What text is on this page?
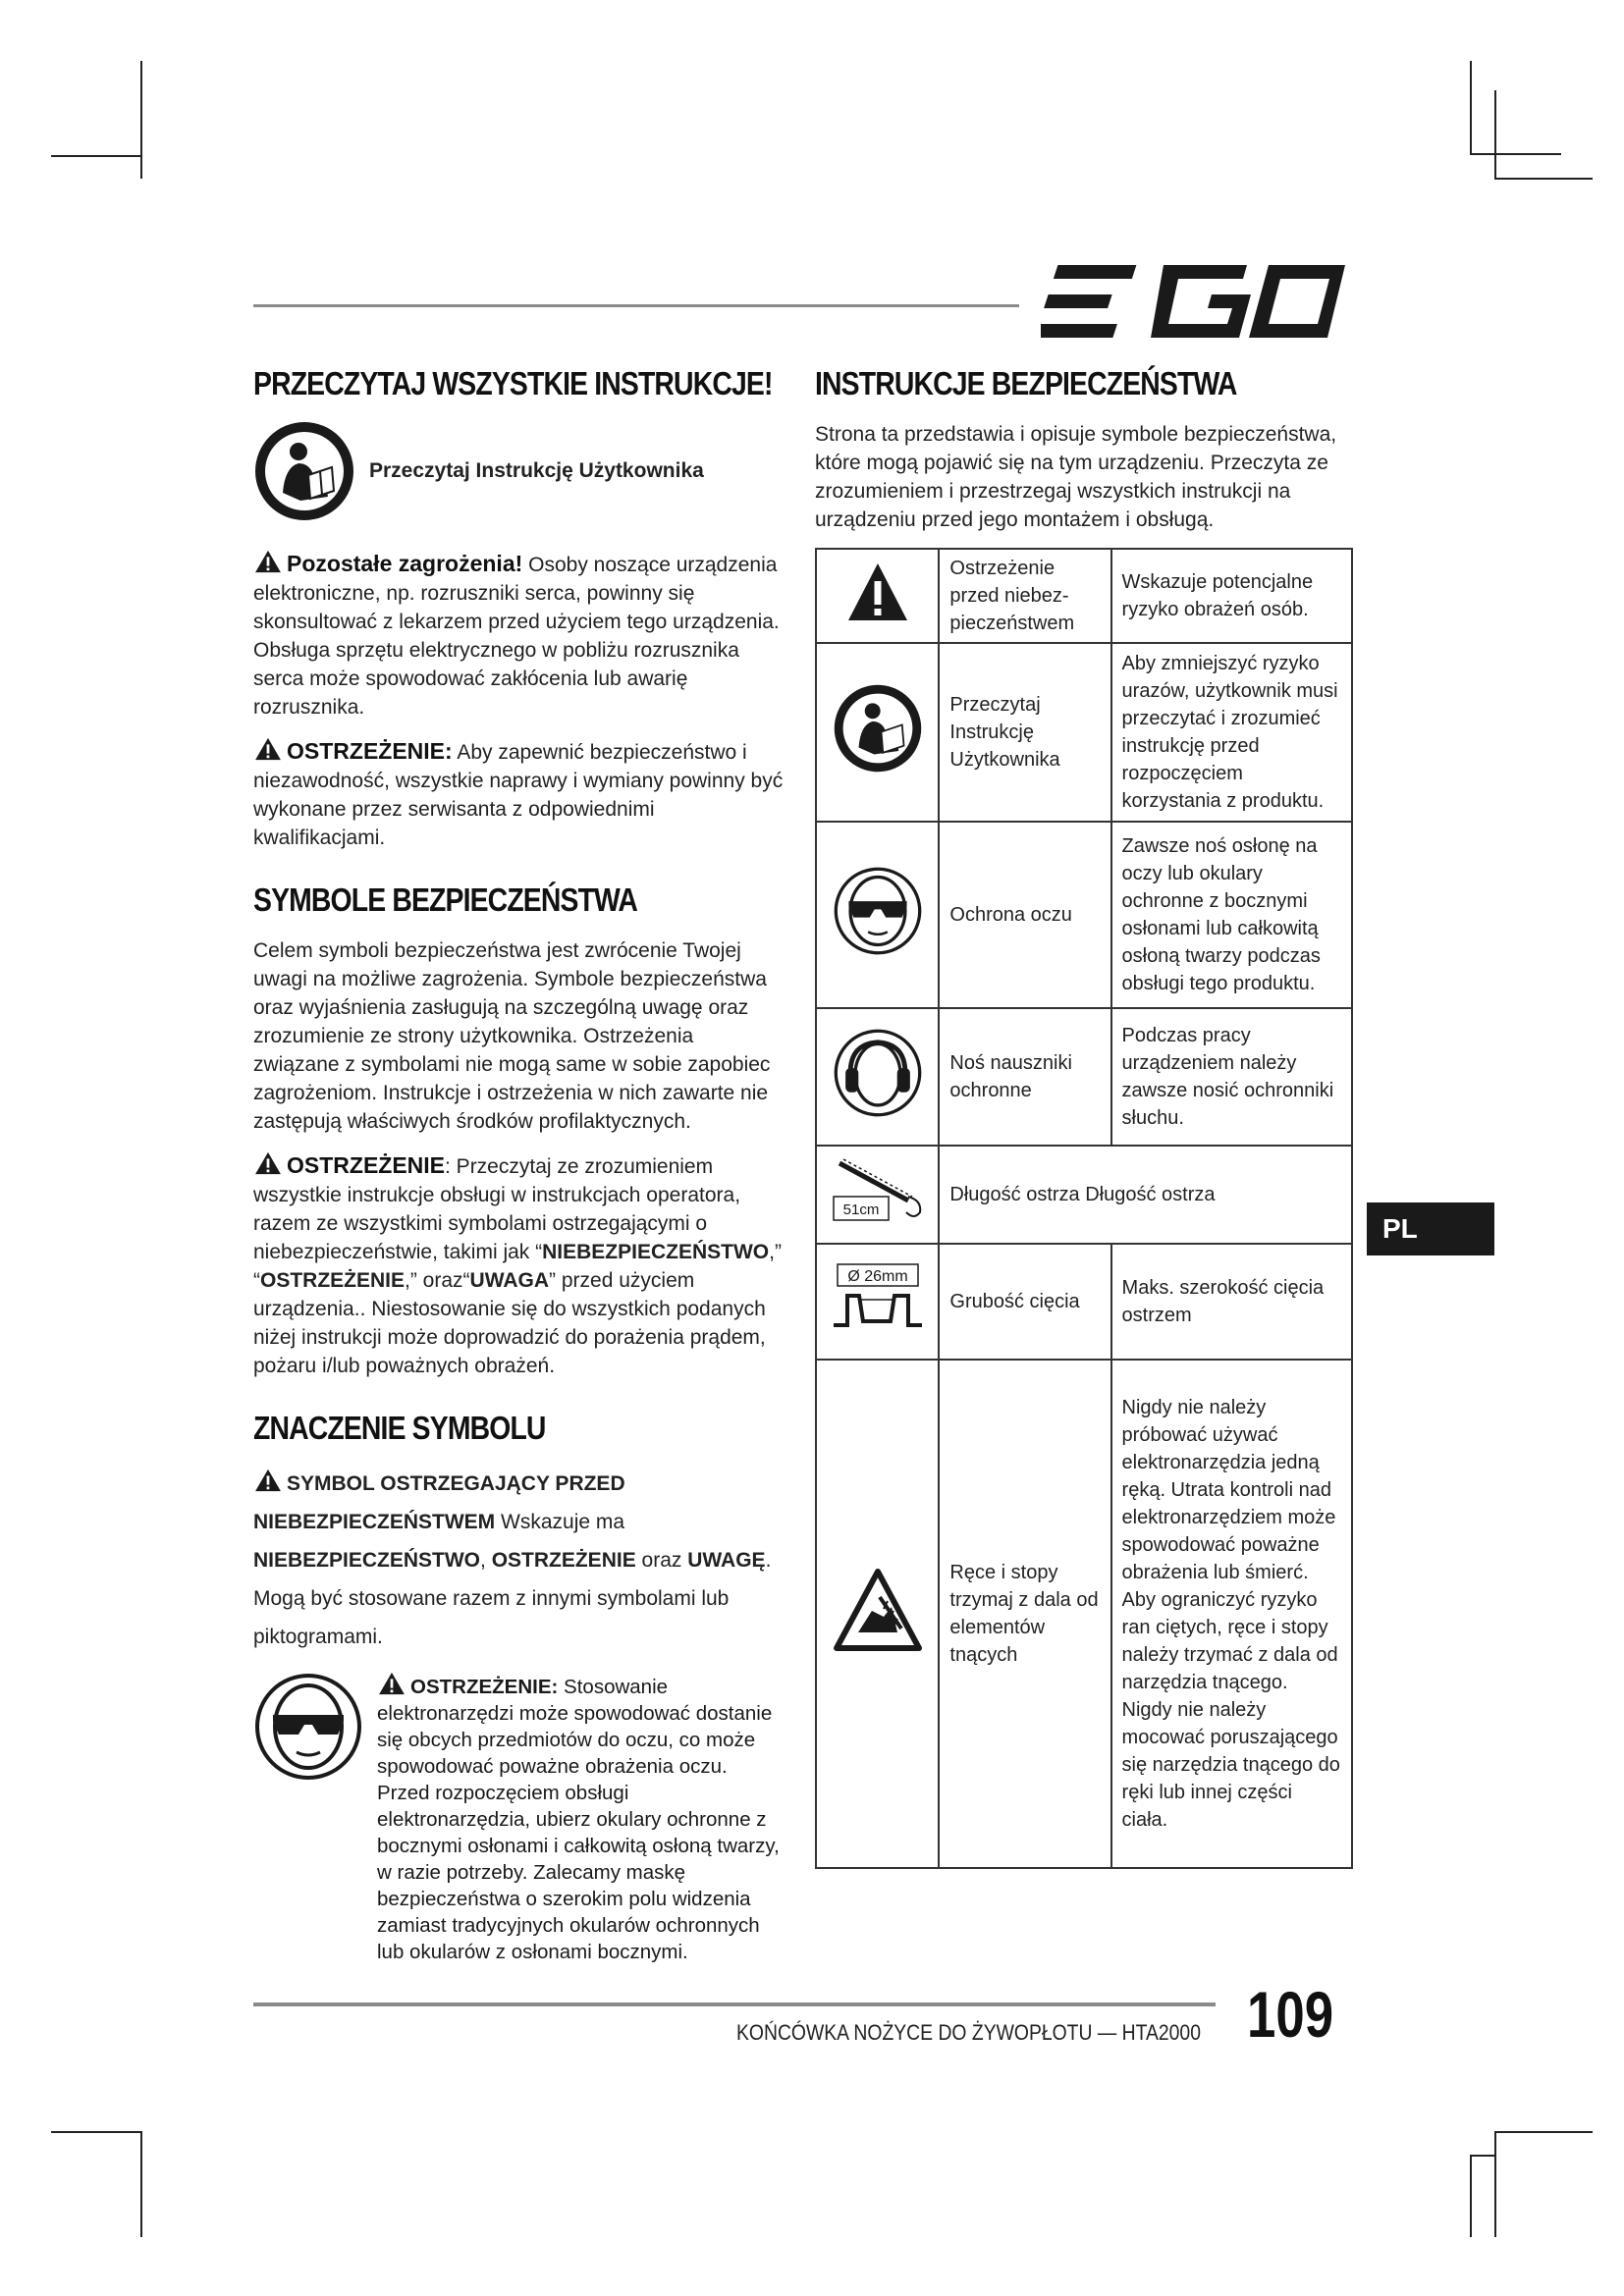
PRZECZYTAJ WSZYSTKIE INSTRUKCJE!
Przeczytaj Instrukcję Użytkownika

Pozostałe zagrożenia! Osoby noszące urządzenia elektroniczne, np. rozruszniki serca, powinny się skonsultować z lekarzem przed użyciem tego urządzenia. Obsługa sprzętu elektrycznego w pobliżu rozrusznika serca może spowodować zakłócenia lub awarię rozrusznika.

OSTRZEŻENIE: Aby zapewnić bezpieczeństwo i niezawodność, wszystkie naprawy i wymiany powinny być wykonane przez serwisanta z odpowiednimi kwalifikacjami.

SYMBOLE BEZPIECZEŃSTWA

Celem symboli bezpieczeństwa jest zwrócenie Twojej uwagi na możliwe zagrożenia. Symbole bezpieczeństwa oraz wyjaśnienia zasługują na szczególną uwagę oraz zrozumienie ze strony użytkownika. Ostrzeżenia związane z symbolami nie mogą same w sobie zapobiec zagrożeniom. Instrukcje i ostrzeżenia w nich zawarte nie zastępują właściwych środków profilaktycznych.

OSTRZEŻENIE: Przeczytaj ze zrozumieniem wszystkie instrukcje obsługi w instrukcjach operatora, razem ze wszystkimi symbolami ostrzegającymi o niebezpieczeństwie, takimi jak “NIEBEZPIECZEŃSTWO,” “OSTRZEŻENIE,” oraz“UWAGA” przed użyciem urządzenia.. Niestosowanie się do wszystkich podanych niżej instrukcji może doprowadzić do porażenia prądem, pożaru i/lub poważnych obrażeń.

ZNACZENIE SYMBOLU

SYMBOL OSTRZEGAJĄCY PRZED NIEBEZPIECZEŃSTWEM Wskazuje ma NIEBEZPIECZEŃSTWO, OSTRZEŻENIE oraz UWAGĘ. Mogą być stosowane razem z innymi symbolami lub piktogramami.

OSTRZEŻENIE: Stosowanie elektronarzędzi może spowodować dostanie się obcych przedmiotów do oczu, co może spowodować poważne obrażenia oczu. Przed rozpoczęciem obsługi elektronarzędzia, ubierz okulary ochronne z bocznymi osłonami i całkowitą osłoną twarzy, w razie potrzeby. Zalecamy maskę bezpieczeństwa o szerokim polu widzenia zamiast tradycyjnych okularów ochronnych lub okularów z osłonami bocznymi.
INSTRUKCJE BEZPIECZEŃSTWA

Strona ta przedstawia i opisuje symbole bezpieczeństwa, które mogą pojawić się na tym urządzeniu. Przeczyta ze zrozumieniem i przestrzegaj wszystkich instrukcji na urządzeniu przed jego montażem i obsługą.

	Ostrzeżenie przed niebez-pieczeństwem	Wskazuje potencjalne ryzyko obrażeń osób.
	Przeczytaj Instrukcję Użytkownika	Aby zmniejszyć ryzyko urazów, użytkownik musi przeczytać i zrozumieć instrukcję przed rozpoczęciem korzystania z produktu.
	Ochrona oczu	Zawsze noś osłonę na oczy lub okulary ochronne z bocznymi osłonami lub całkowitą osłoną twarzy podczas obsługi tego produktu.
	Noś nauszniki ochronne	Podczas pracy urządzeniem należy zawsze nosić ochronniki słuchu.

51cm	Długość ostrza Długość ostrza	

Ø 26mm	Grubość cięcia	Maks. szerokość cięcia ostrzem
	Ręce i stopy trzymaj z dala od elementów tnących	Nigdy nie należy próbować używać elektronarzędzia jedną ręką. Utrata kontroli nad elektronarzędziem może spowodować poważne obrażenia lub śmierć. Aby ograniczyć ryzyko ran ciętych, ręce i stopy należy trzymać z dala od narzędzia tnącego. Nigdy nie należy mocować poruszającego się narzędzia tnącego do ręki lub innej części ciała.
PL
KOŃCÓWKA NOŻYCE DO ŻYWOPŁOTU — HTA2000 109
